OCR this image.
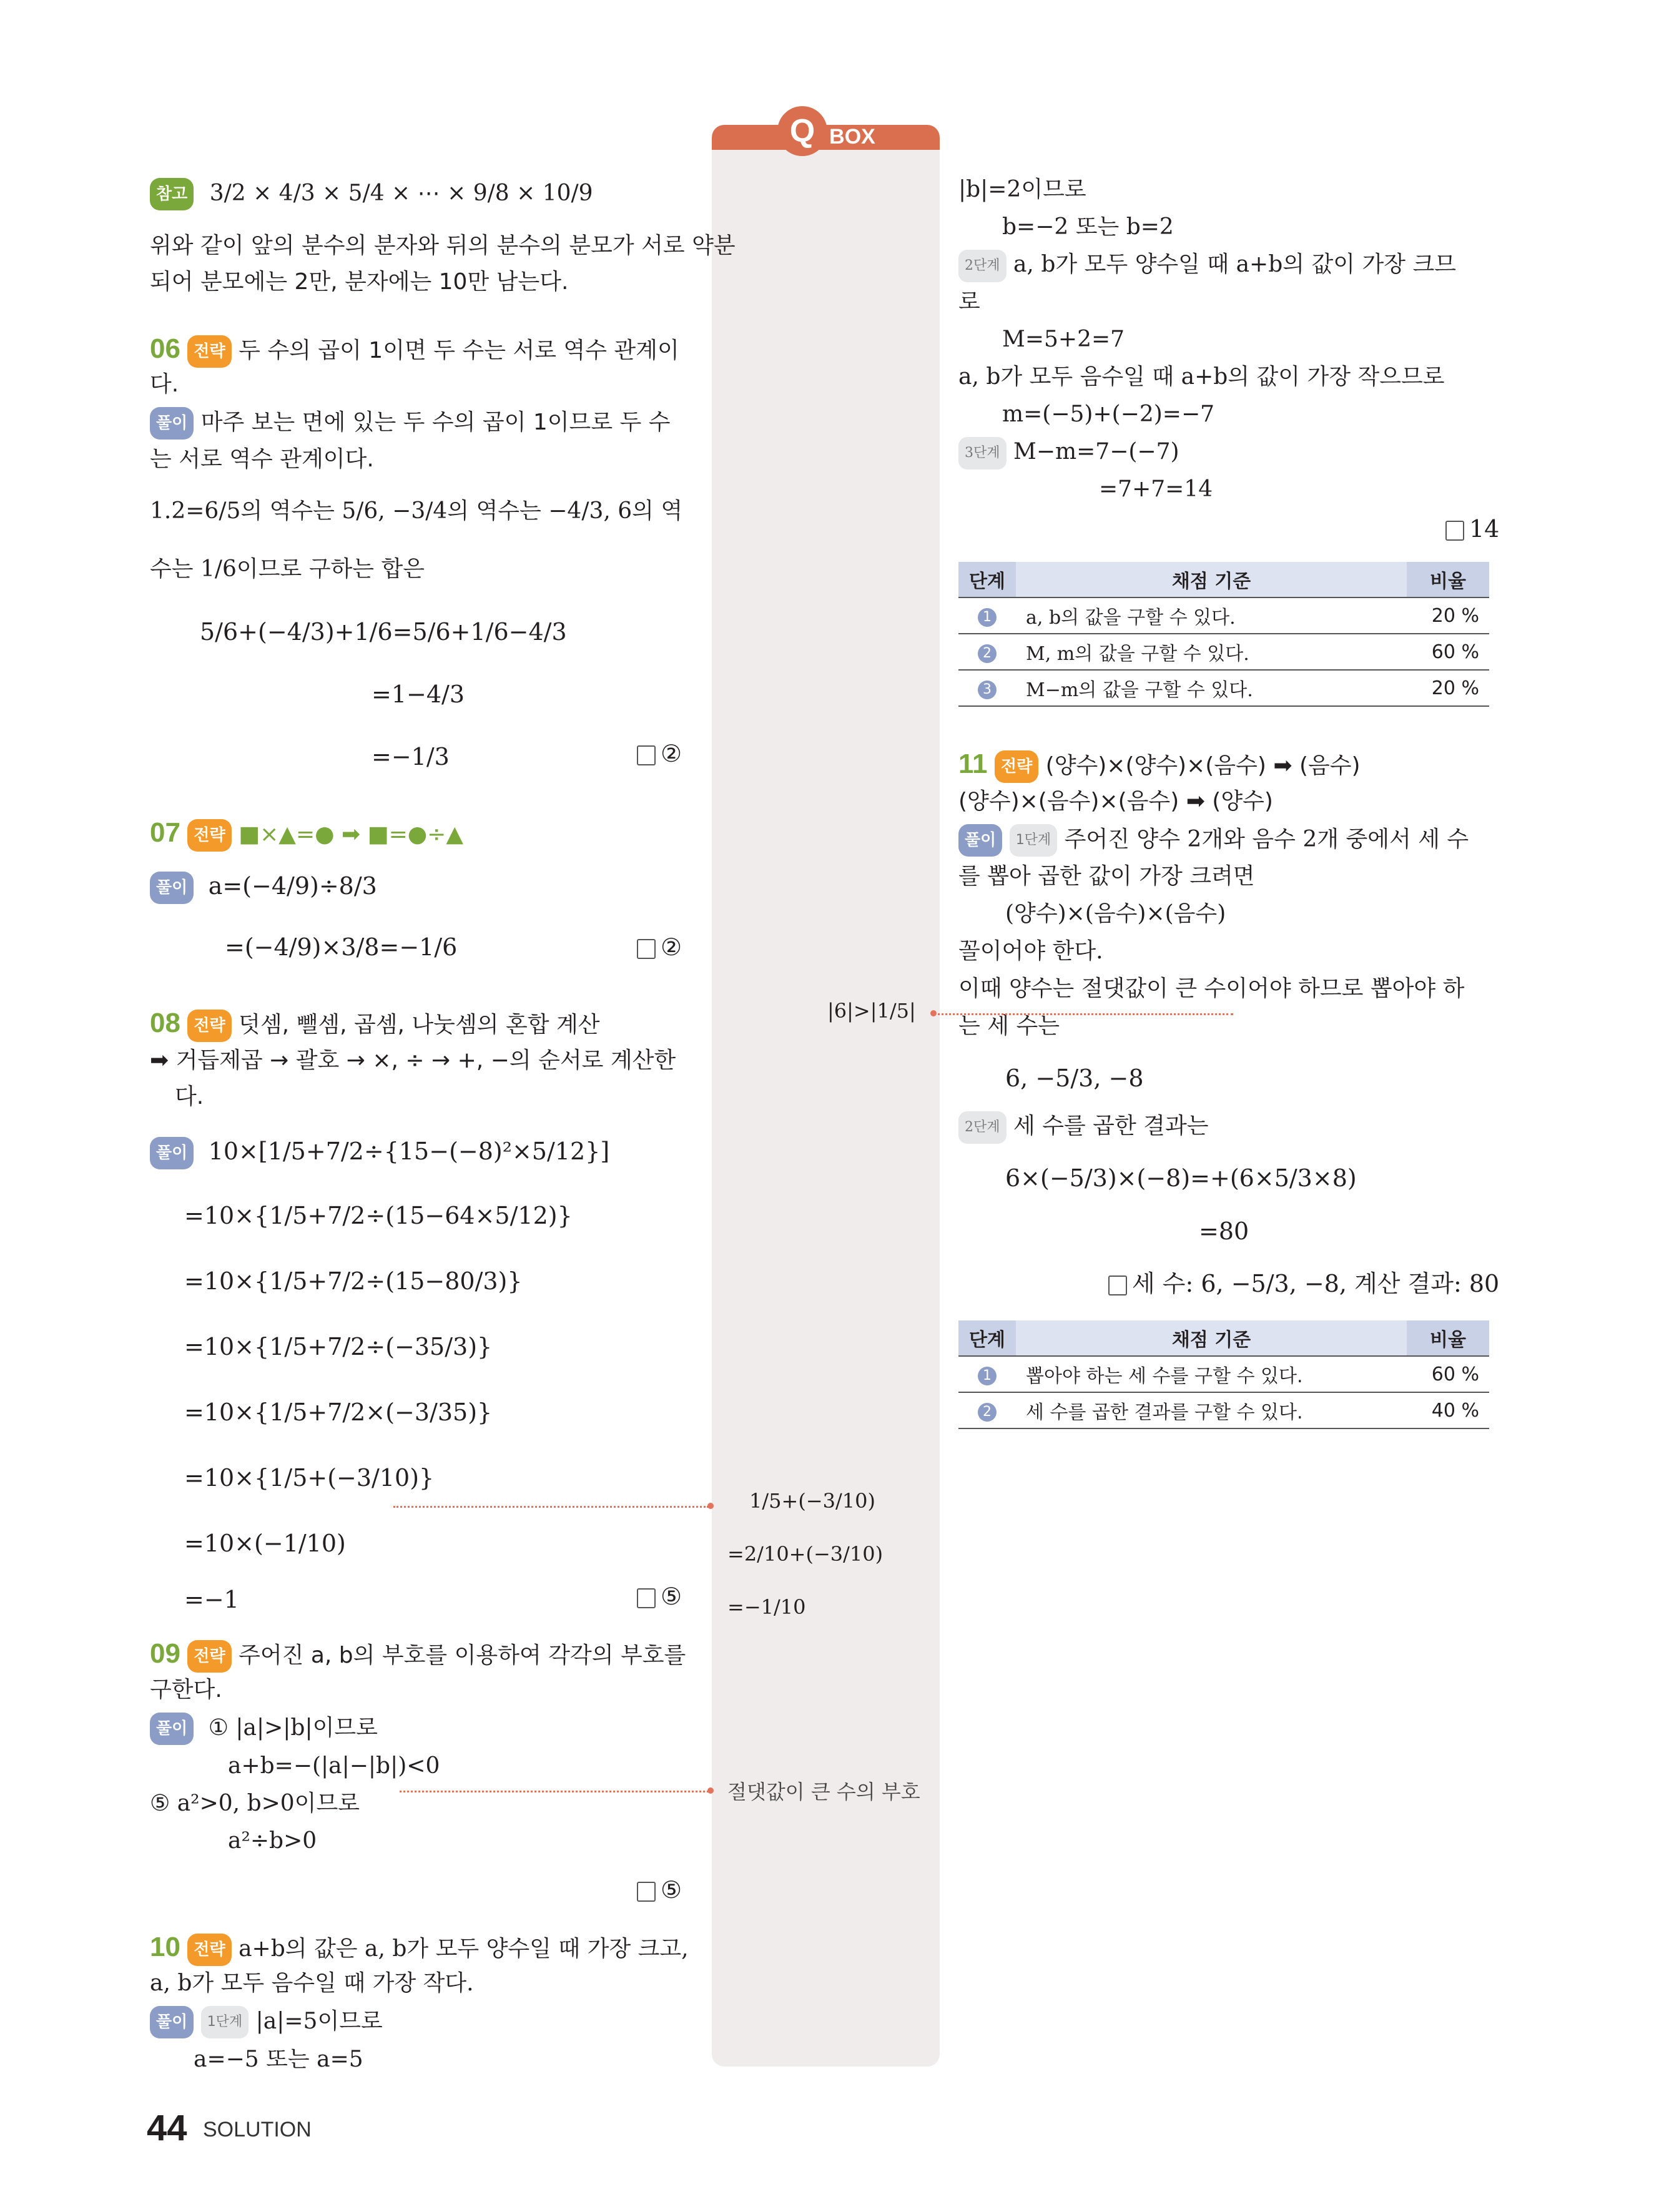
Q BOX
참고 3/2 × 4/3 × 5/4 × ⋯ × 9/8 × 10/9
위와 같이 앞의 분수의 분자와 뒤의 분수의 분모가 서로 약분
되어 분모에는 2만, 분자에는 10만 남는다.
06 전략 두 수의 곱이 1이면 두 수는 서로 역수 관계이
다.
풀이 마주 보는 면에 있는 두 수의 곱이 1이므로 두 수
는 서로 역수 관계이다.
1.2=6/5의 역수는 5/6, −3/4의 역수는 −4/3, 6의 역
수는 1/6이므로 구하는 합은
5/6+(−4/3)+1/6=5/6+1/6−4/3
=1−4/3
=−1/3	②
07 전략 ■×▲=● ➡ ■=●÷▲
풀이 a=(−4/9)÷8/3
=(−4/9)×3/8=−1/6	②
08 전략 덧셈, 뺄셈, 곱셈, 나눗셈의 혼합 계산
➡ 거듭제곱 → 괄호 → ×, ÷ → +, −의 순서로 계산한
다.
풀이 10×[1/5+7/2÷{15−(−8)²×5/12}]
=10×{1/5+7/2÷(15−64×5/12)}
=10×{1/5+7/2÷(15−80/3)}
=10×{1/5+7/2÷(−35/3)}
=10×{1/5+7/2×(−3/35)}
=10×{1/5+(−3/10)}
=10×(−1/10)
=−1	⑤
1/5+(−3/10)
=2/10+(−3/10)
=−1/10
09 전략 주어진 a, b의 부호를 이용하여 각각의 부호를
구한다.
풀이 ① |a|>|b|이므로
a+b=−(|a|−|b|)<0
⑤ a²>0, b>0이므로
a²÷b>0
⑤
절댓값이 큰 수의 부호
10 전략 a+b의 값은 a, b가 모두 양수일 때 가장 크고,
a, b가 모두 음수일 때 가장 작다.
풀이 1단계 |a|=5이므로
a=−5 또는 a=5
|b|=2이므로
b=−2 또는 b=2
2단계 a, b가 모두 양수일 때 a+b의 값이 가장 크므
로
M=5+2=7
a, b가 모두 음수일 때 a+b의 값이 가장 작으므로
m=(−5)+(−2)=−7
3단계 M−m=7−(−7)
=7+7=14
14
단계	채점 기준	비율
1	a, b의 값을 구할 수 있다.	20 %
2	M, m의 값을 구할 수 있다.	60 %
3	M−m의 값을 구할 수 있다.	20 %
11 전략 (양수)×(양수)×(음수) ➡ (음수)
(양수)×(음수)×(음수) ➡ (양수)
풀이 1단계 주어진 양수 2개와 음수 2개 중에서 세 수
를 뽑아 곱한 값이 가장 크려면
(양수)×(음수)×(음수)
꼴이어야 한다.
이때 양수는 절댓값이 큰 수이어야 하므로 뽑아야 하
는 세 수는
6, −5/3, −8
2단계 세 수를 곱한 결과는
6×(−5/3)×(−8)=+(6×5/3×8)
=80
세 수: 6, −5/3, −8, 계산 결과: 80
|6|>|1/5|
단계	채점 기준	비율
1	뽑아야 하는 세 수를 구할 수 있다.	60 %
2	세 수를 곱한 결과를 구할 수 있다.	40 %
44 SOLUTION
